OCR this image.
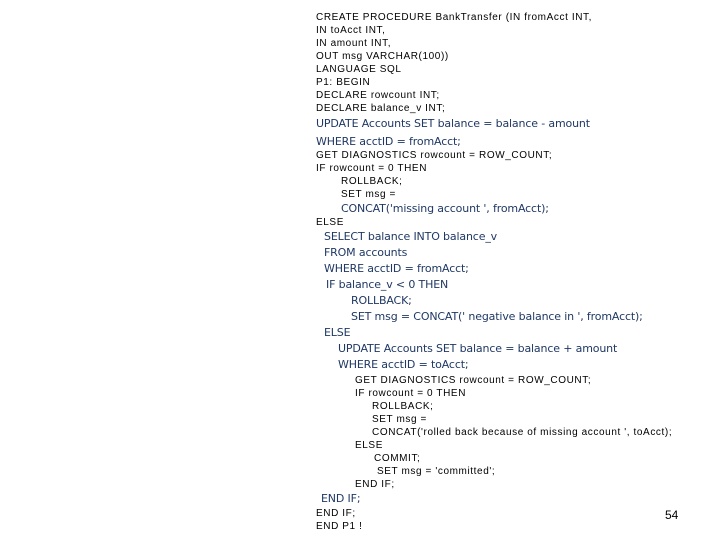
CREATE PROCEDURE BankTransfer (IN fromAcct INT,
IN toAcct INT,
IN amount INT,
OUT msg VARCHAR(100))
LANGUAGE SQL
P1: BEGIN
DECLARE rowcount INT;
DECLARE balance_v INT;
UPDATE Accounts SET balance = balance - amount
WHERE acctID = fromAcct;
GET DIAGNOSTICS rowcount = ROW_COUNT;
IF rowcount = 0 THEN
ROLLBACK;
SET msg =
CONCAT('missing account ', fromAcct);
ELSE
SELECT balance INTO balance_v
FROM accounts
WHERE acctID = fromAcct;
IF balance_v < 0 THEN
ROLLBACK;
SET msg = CONCAT(' negative balance in ', fromAcct);
ELSE
UPDATE Accounts SET balance = balance + amount
WHERE acctID = toAcct;
GET DIAGNOSTICS rowcount = ROW_COUNT;
IF rowcount = 0 THEN
ROLLBACK;
SET msg =
CONCAT('rolled back because of missing account ', toAcct);
ELSE
COMMIT;
SET msg = 'committed';
END IF;
END IF;
END IF;
END P1 !
54
